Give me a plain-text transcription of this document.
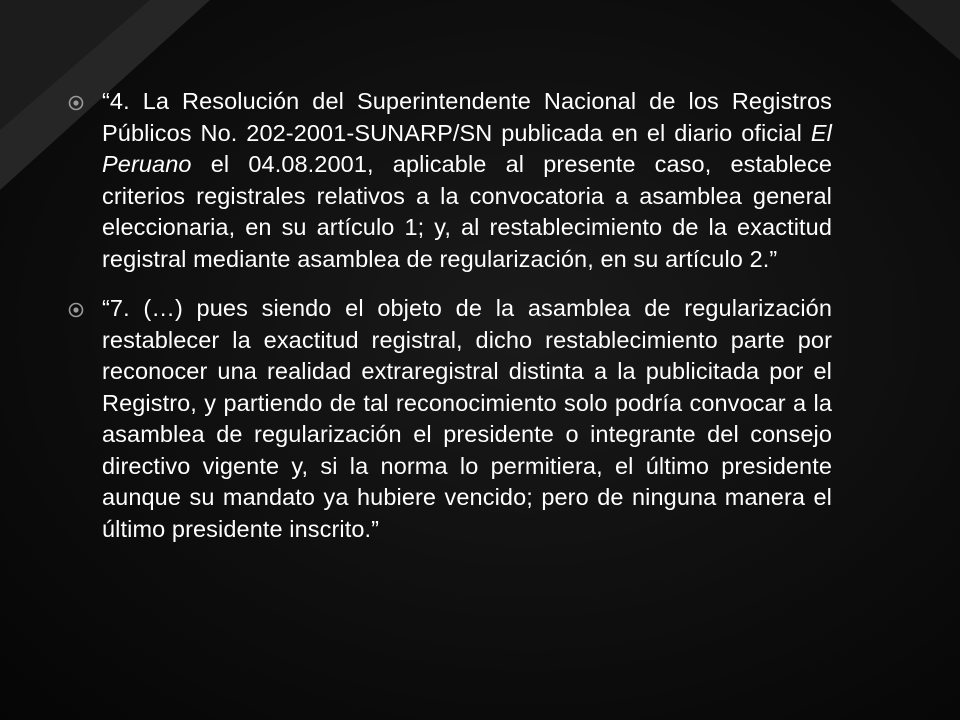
“4. La Resolución del Superintendente Nacional de los Registros Públicos No. 202-2001-SUNARP/SN publicada en el diario oficial El Peruano el 04.08.2001, aplicable al presente caso, establece criterios registrales relativos a la convocatoria a asamblea general eleccionaria, en su artículo 1; y, al restablecimiento de la exactitud registral mediante asamblea de regularización, en su artículo 2.”
“7. (…) pues siendo el objeto de la asamblea de regularización restablecer la exactitud registral, dicho restablecimiento parte por reconocer una realidad extraregistral distinta a la publicitada por el Registro, y partiendo de tal reconocimiento solo podría convocar a la asamblea de regularización el presidente o integrante del consejo directivo vigente y, si la norma lo permitiera, el último presidente aunque su mandato ya hubiere vencido; pero de ninguna manera el último presidente inscrito.”
